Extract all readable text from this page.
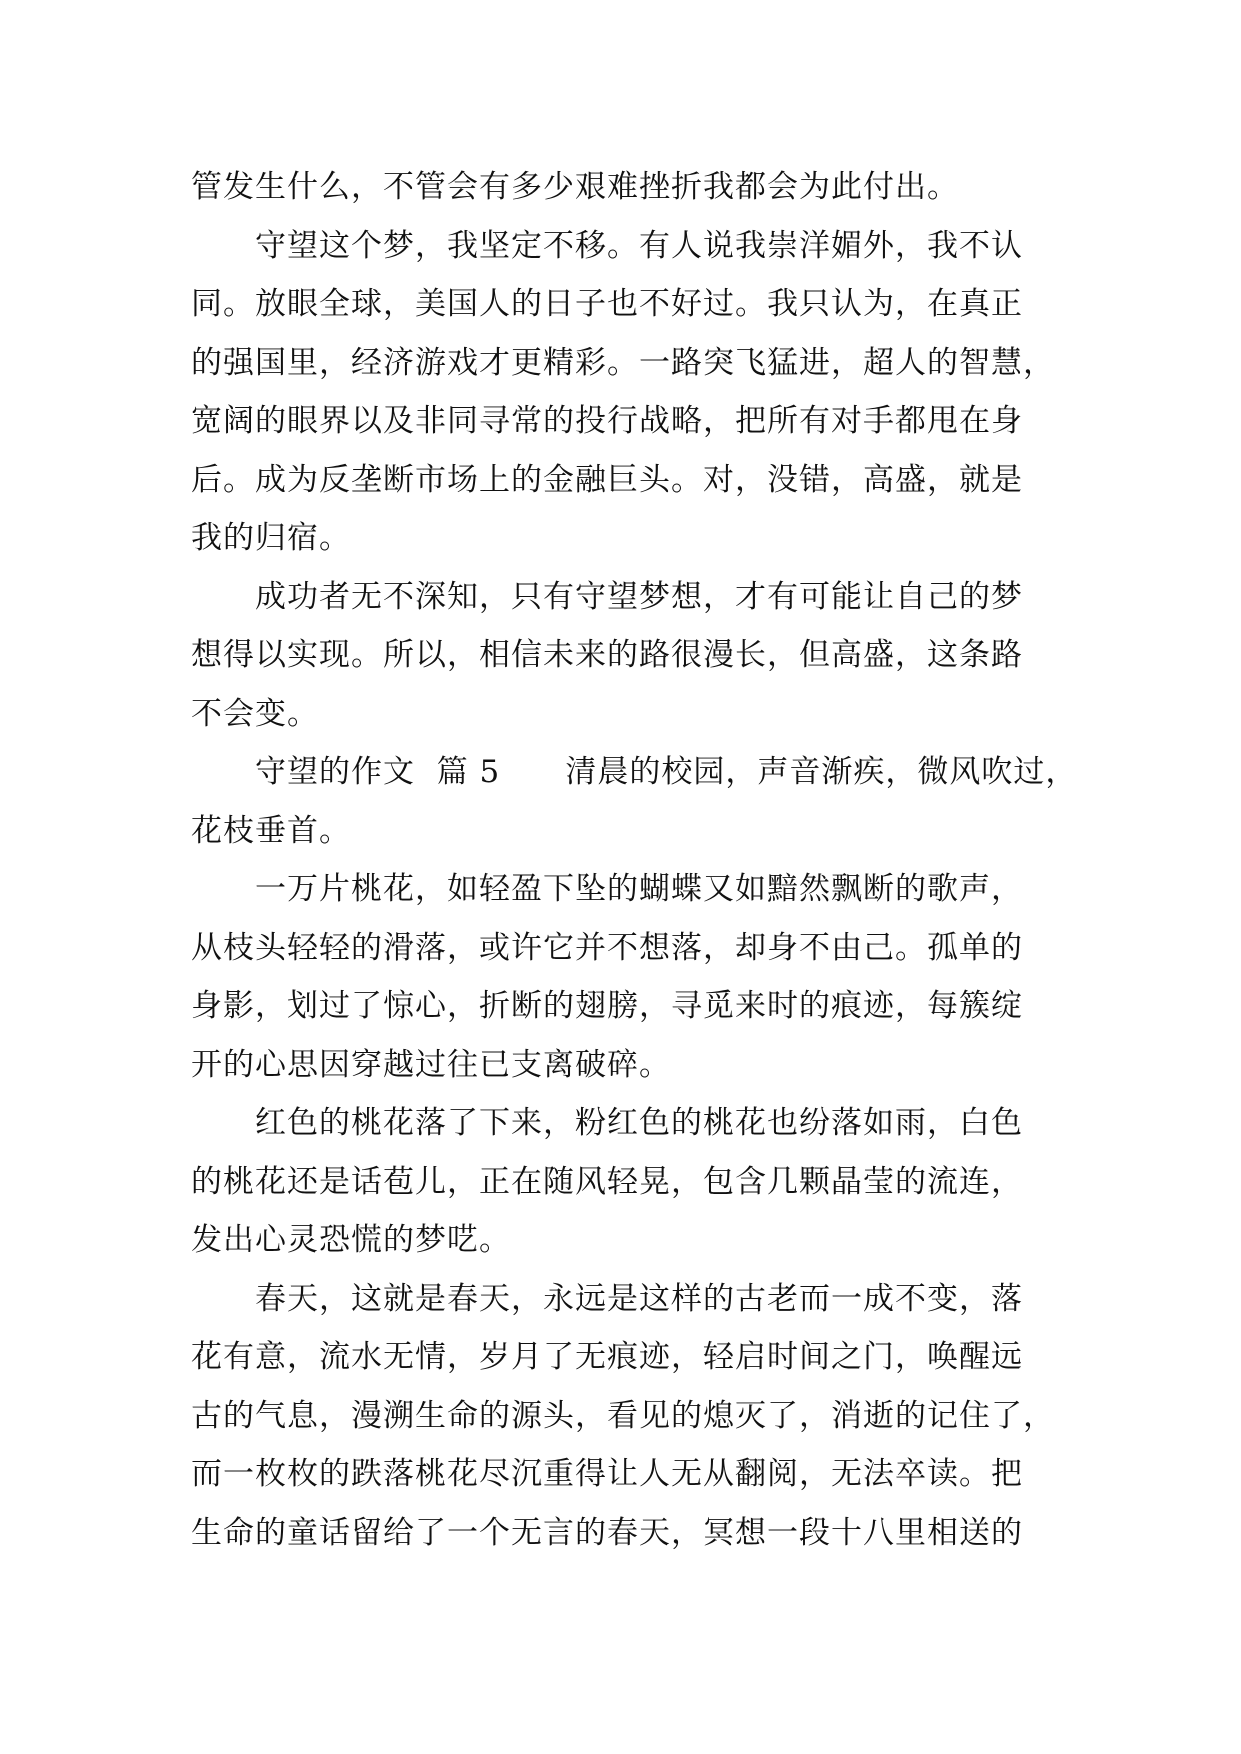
管发生什么，不管会有多少艰难挫折我都会为此付出。
守望这个梦，我坚定不移。有人说我崇洋媚外，我不认
同。放眼全球，美国人的日子也不好过。我只认为，在真正
的强国里，经济游戏才更精彩。一路突飞猛进，超人的智慧，
宽阔的眼界以及非同寻常的投行战略，把所有对手都甩在身
后。成为反垄断市场上的金融巨头。对，没错，高盛，就是
我的归宿。
成功者无不深知，只有守望梦想，才有可能让自己的梦
想得以实现。所以，相信未来的路很漫长，但高盛，这条路
不会变。
守望的作文  篇 5      清晨的校园，声音渐疾，微风吹过，
花枝垂首。
一万片桃花，如轻盈下坠的蝴蝶又如黯然飘断的歌声，
从枝头轻轻的滑落，或许它并不想落，却身不由己。孤单的
身影，划过了惊心，折断的翅膀，寻觅来时的痕迹，每簇绽
开的心思因穿越过往已支离破碎。
红色的桃花落了下来，粉红色的桃花也纷落如雨，白色
的桃花还是话苞儿，正在随风轻晃，包含几颗晶莹的流连，
发出心灵恐慌的梦呓。
春天，这就是春天，永远是这样的古老而一成不变，落
花有意，流水无情，岁月了无痕迹，轻启时间之门，唤醒远
古的气息，漫溯生命的源头，看见的熄灭了，消逝的记住了，
而一枚枚的跌落桃花尽沉重得让人无从翻阅，无法卒读。把
生命的童话留给了一个无言的春天，冥想一段十八里相送的
